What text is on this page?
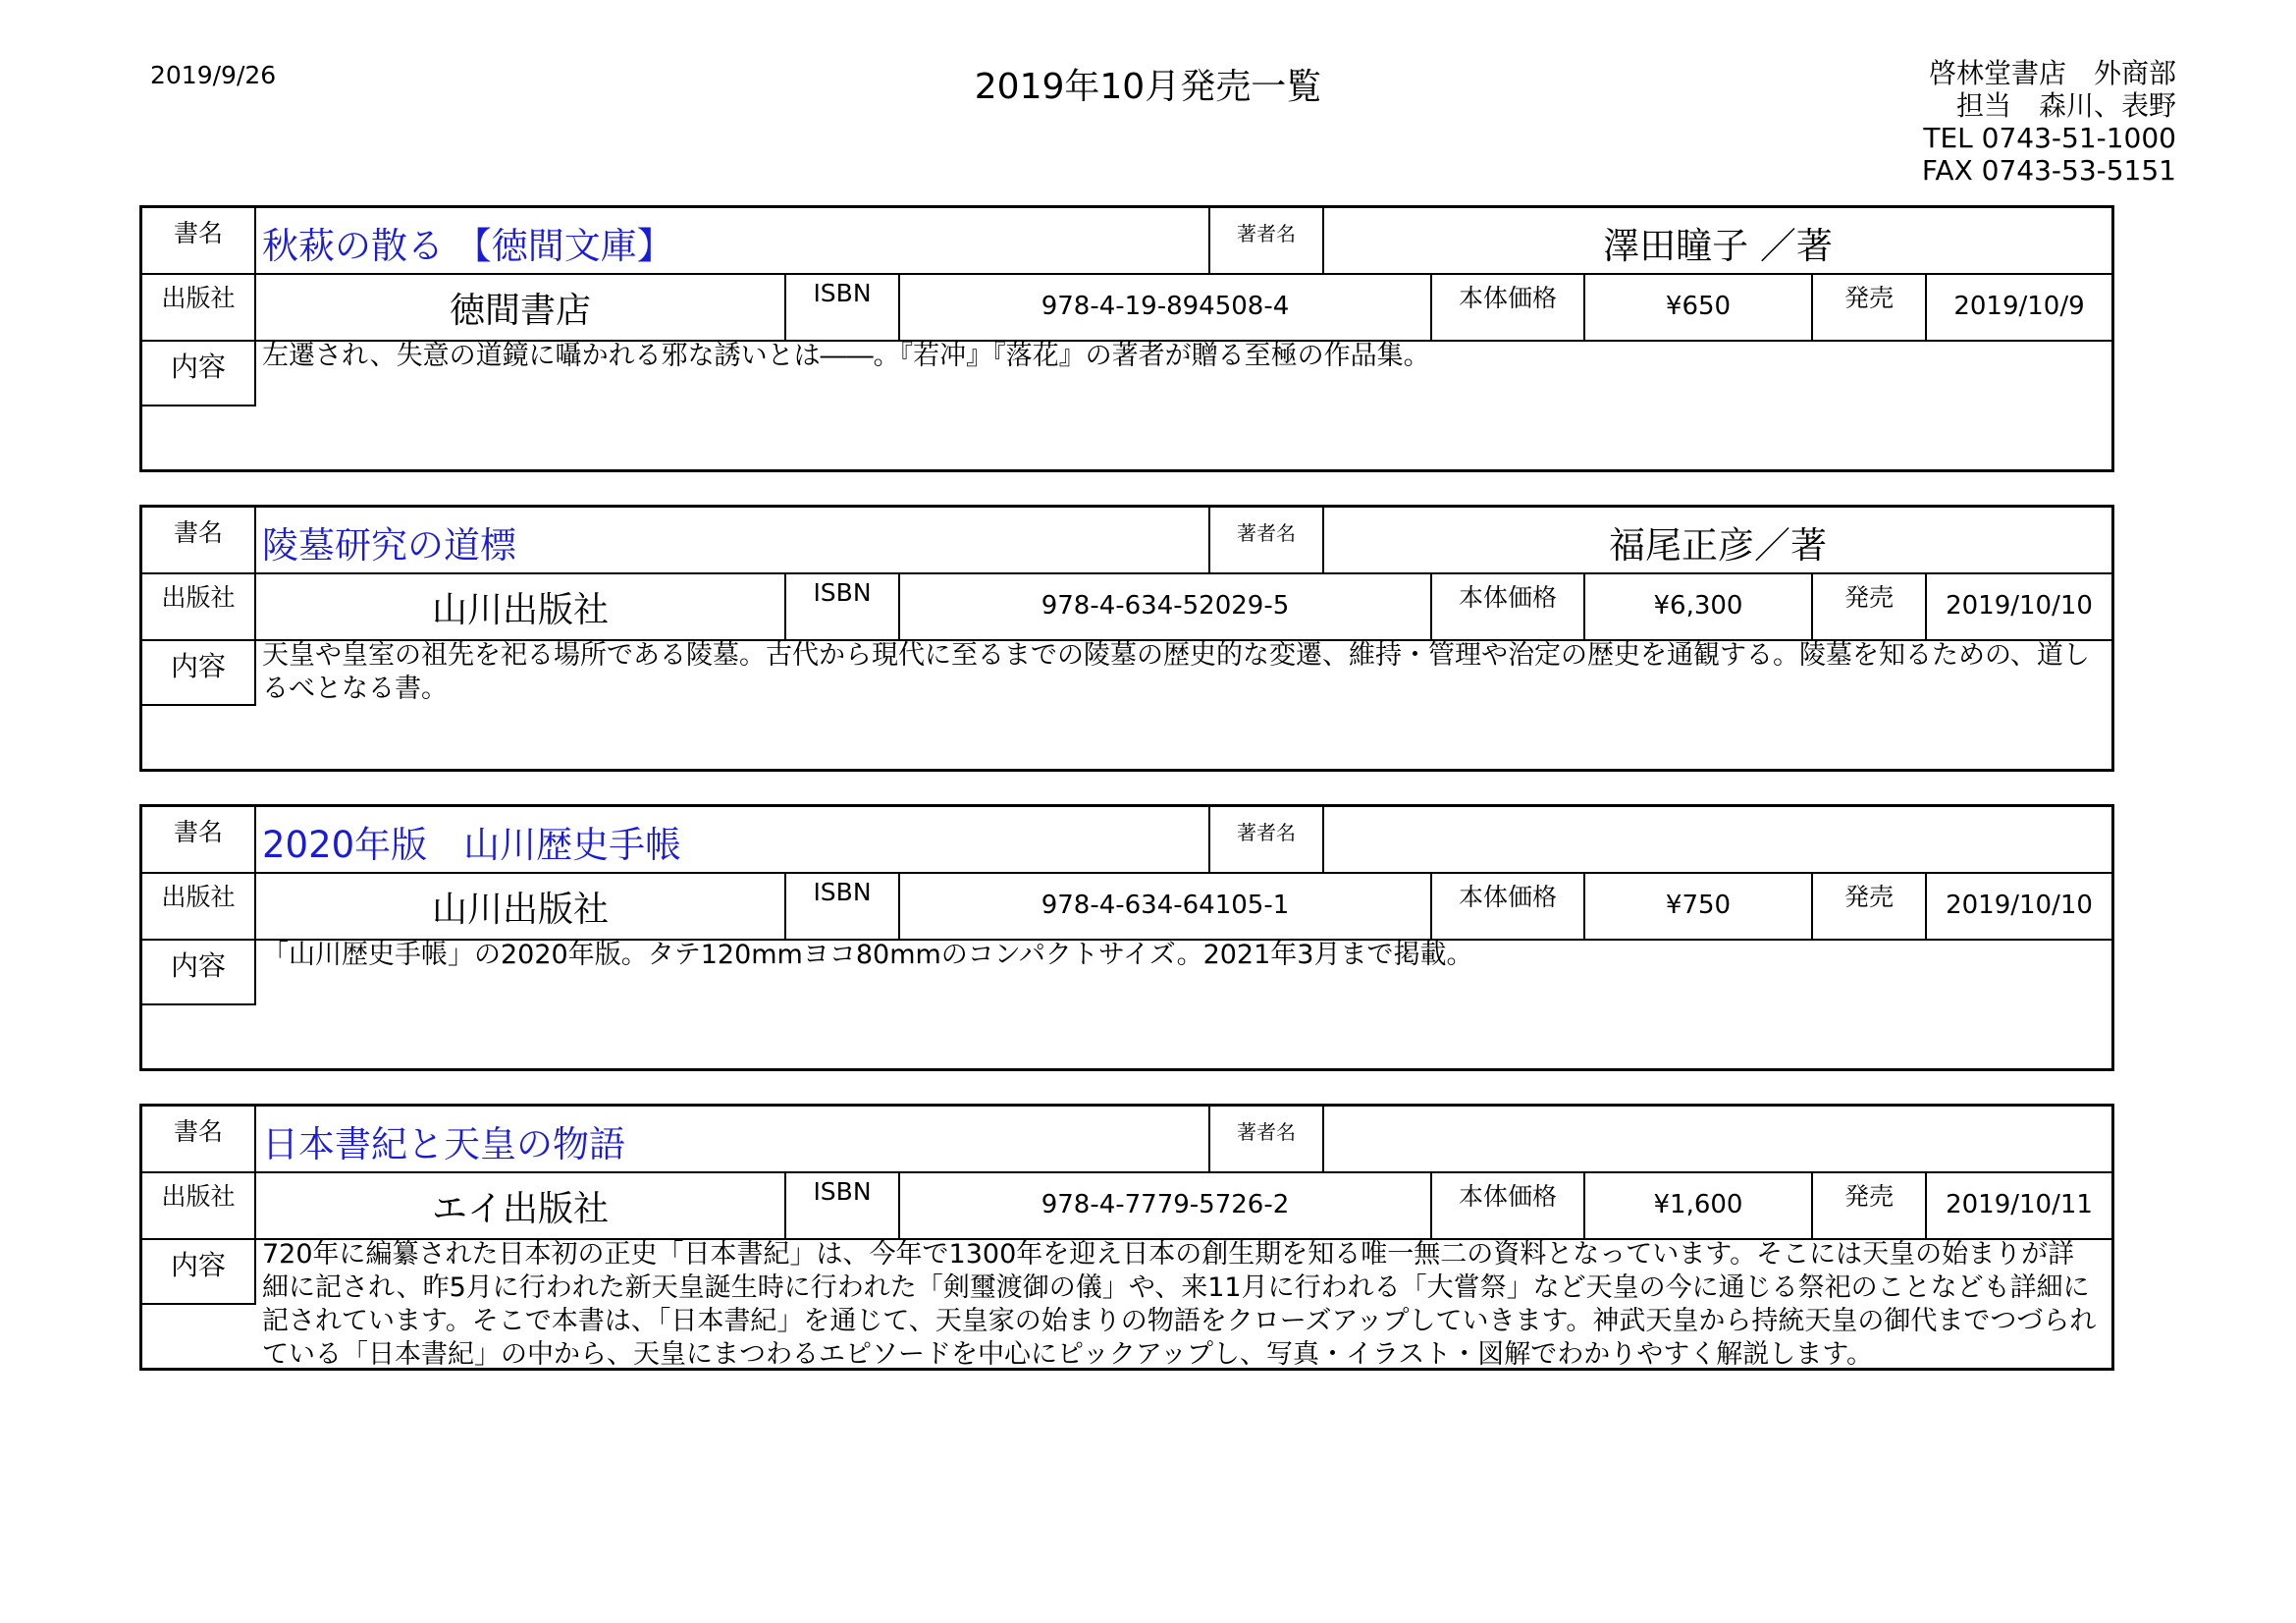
2019/9/26	2019年10月発売一覧	啓林堂書店　外商部
担当　森川、表野
TEL 0743-51-1000
FAX 0743-53-5151
書名	秋萩の散る 【徳間文庫】	著者名	澤田瞳子 ／著
出版社	徳間書店	ISBN	978-4-19-894508-4	本体価格	¥650	発売	2019/10/9
内容	左遷され、失意の道鏡に囁かれる邪な誘いとは――。『若冲』『落花』の著者が贈る至極の作品集。
書名	陵墓研究の道標	著者名	福尾正彦／著
出版社	山川出版社	ISBN	978-4-634-52029-5	本体価格	¥6,300	発売	2019/10/10
内容	天皇や皇室の祖先を祀る場所である陵墓。古代から現代に至るまでの陵墓の歴史的な変遷、維持・管理や治定の歴史を通観する。陵墓を知るための、道しるべとなる書。
書名	2020年版　山川歴史手帳	著者名
出版社	山川出版社	ISBN	978-4-634-64105-1	本体価格	¥750	発売	2019/10/10
内容	「山川歴史手帳」の2020年版。タテ120mmヨコ80mmのコンパクトサイズ。2021年3月まで掲載。
書名	日本書紀と天皇の物語	著者名
出版社	エイ出版社	ISBN	978-4-7779-5726-2	本体価格	¥1,600	発売	2019/10/11
内容	720年に編纂された日本初の正史「日本書紀」は、今年で1300年を迎え日本の創生期を知る唯一無二の資料となっています。そこには天皇の始まりが詳細に記され、昨5月に行われた新天皇誕生時に行われた「剣璽渡御の儀」や、来11月に行われる「大嘗祭」など天皇の今に通じる祭祀のことなども詳細に記されています。そこで本書は、「日本書紀」を通じて、天皇家の始まりの物語をクローズアップしていきます。神武天皇から持統天皇の御代までつづられている「日本書紀」の中から、天皇にまつわるエピソードを中心にピックアップし、写真・イラスト・図解でわかりやすく解説します。
